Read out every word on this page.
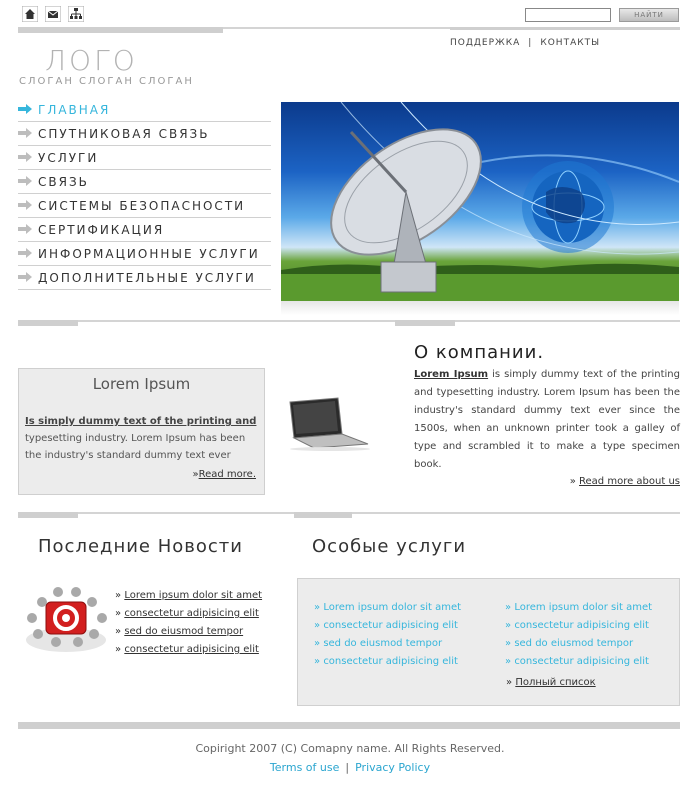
НАЙТИ
ПОДДЕРЖКА | КОНТАКТЫ
ЛОГО
СЛОГАН СЛОГАН СЛОГАН
ГЛАВНАЯ
СПУТНИКОВАЯ СВЯЗЬ
УСЛУГИ
СВЯЗЬ
СИСТЕМЫ БЕЗОПАСНОСТИ
СЕРТИФИКАЦИЯ
ИНФОРМАЦИОННЫЕ УСЛУГИ
ДОПОЛНИТЕЛЬНЫЕ УСЛУГИ
Lorem Ipsum
Is simply dummy text of the printing and typesetting industry. Lorem Ipsum has been the industry's standard dummy text ever
»Read more.
О компании.
Lorem Ipsum is simply dummy text of the printing and typesetting industry. Lorem Ipsum has been the industry's standard dummy text ever since the 1500s, when an unknown printer took a galley of type and scrambled it to make a type specimen book.
» Read more about us
Последние Новости
» Lorem ipsum dolor sit amet
» consectetur adipisicing elit
» sed do eiusmod tempor
» consectetur adipisicing elit
Особые услуги
» Lorem ipsum dolor sit amet
» consectetur adipisicing elit
» sed do eiusmod tempor
» consectetur adipisicing elit
» Lorem ipsum dolor sit amet
» consectetur adipisicing elit
» sed do eiusmod tempor
» consectetur adipisicing elit
» Полный список
Copiright 2007 (C) Comapny name. All Rights Reserved.
Terms of use | Privacy Policy
